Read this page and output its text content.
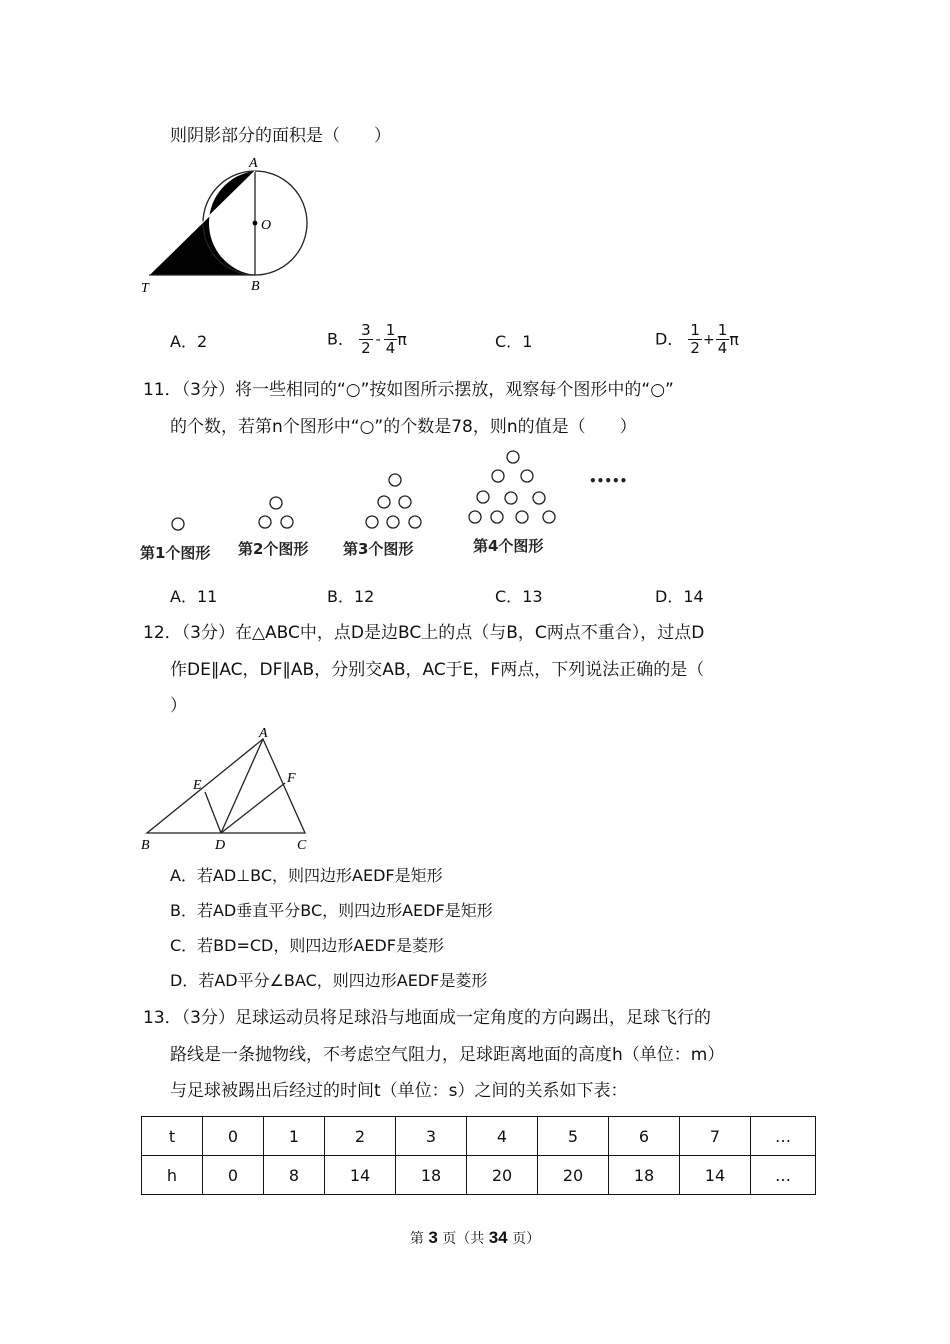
则阴影部分的面积是（　　）
A
O
B
T
A．2	B． $\frac{3}{2} - \frac{1}{4}$ π	C．1	D． $\frac{1}{2} + \frac{1}{4}$ π
11．（3分）将一些相同的“○”按如图所示摆放，观察每个图形中的“○”
的个数，若第n个图形中“○”的个数是78，则n的值是（　　）
•••••
第1个图形 第2个图形 第3个图形	第4个图形
A．11	B．12	C．13	D．14
12．（3分）在△ABC中，点D是边BC上的点（与B，C两点不重合），过点D
作DE∥AC，DF∥AB，分别交AB，AC于E，F两点，下列说法正确的是（
）
A
E	F
B	D	C
A．若AD⊥BC，则四边形AEDF是矩形
B．若AD垂直平分BC，则四边形AEDF是矩形
C．若BD=CD，则四边形AEDF是菱形
D．若AD平分∠BAC，则四边形AEDF是菱形
13．（3分）足球运动员将足球沿与地面成一定角度的方向踢出，足球飞行的
路线是一条抛物线，不考虑空气阻力，足球距离地面的高度h（单位：m）
与足球被踢出后经过的时间t（单位：s）之间的关系如下表：
t	0	1	2	3	4	5	6	7	…
h	0	8	14	18	20	20	18	14	…
第 3 页（共 34 页）
